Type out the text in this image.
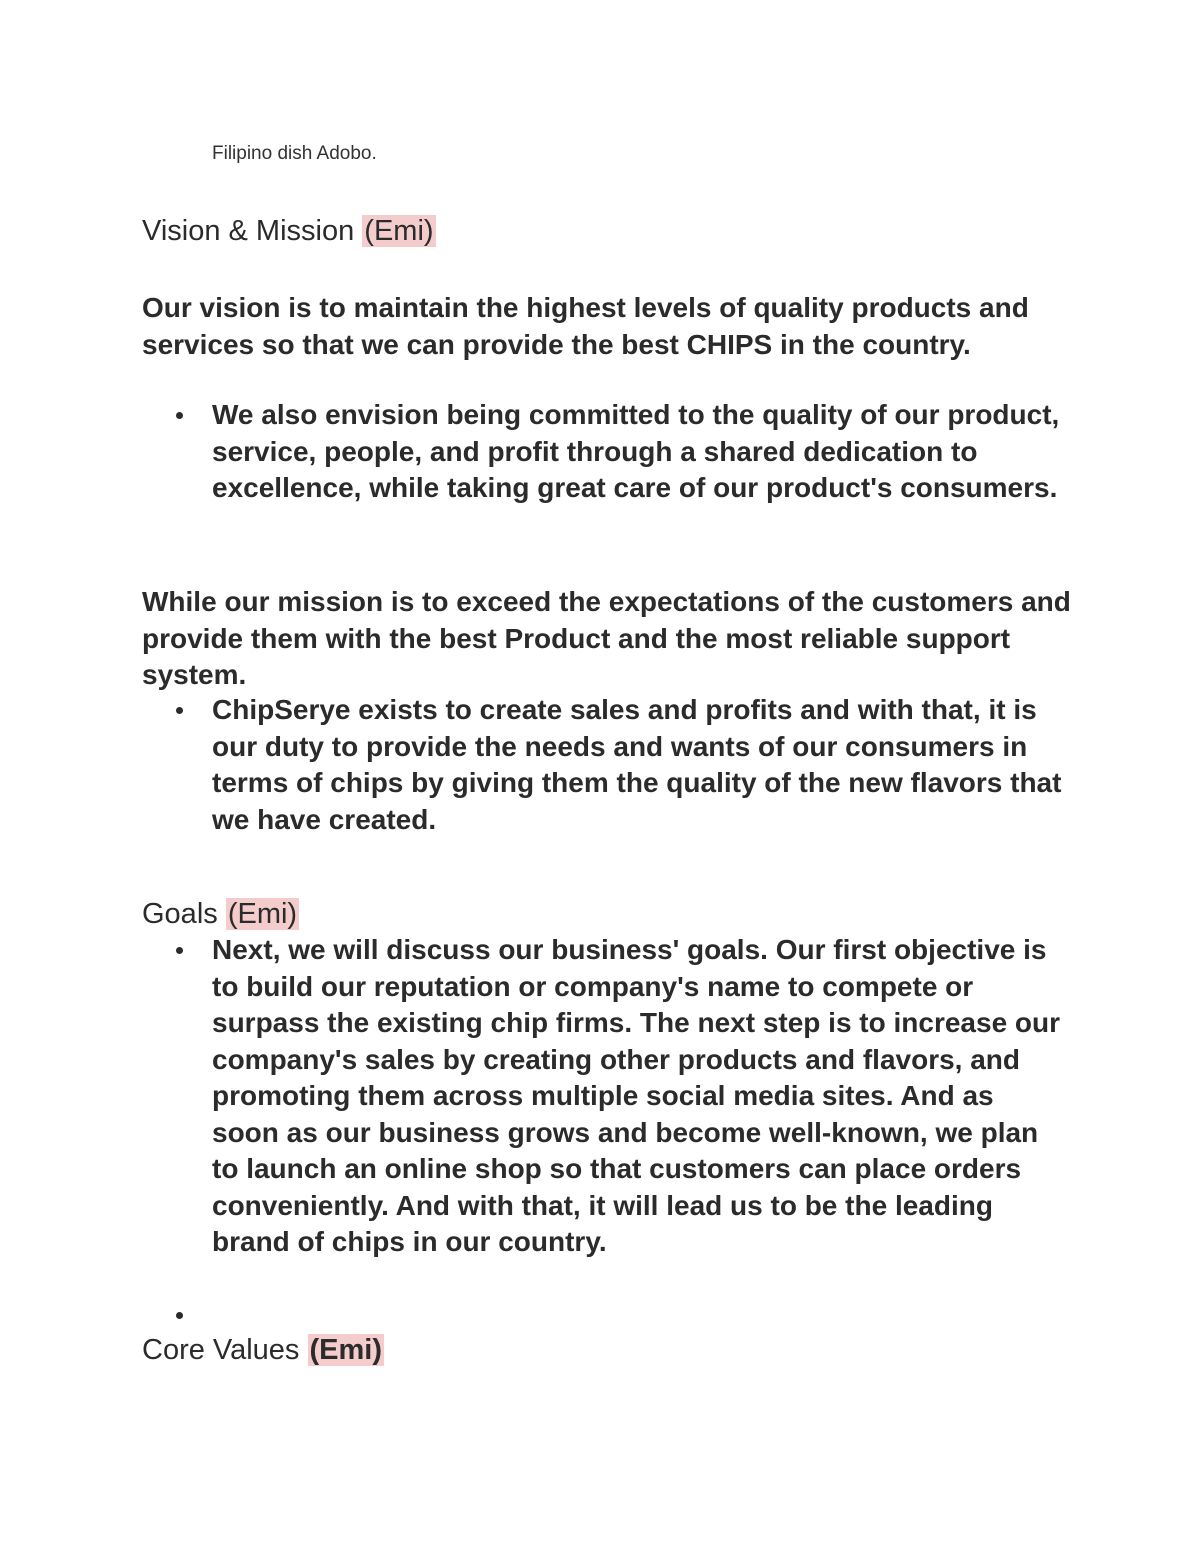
Filipino dish Adobo.
Vision & Mission (Emi)

Our vision is to maintain the highest levels of quality products and services so that we can provide the best CHIPS in the country.

We also envision being committed to the quality of our product, service, people, and profit through a shared dedication to excellence, while taking great care of our product's consumers.

While our mission is to exceed the expectations of the customers and provide them with the best Product and the most reliable support system.

ChipSerye exists to create sales and profits and with that, it is our duty to provide the needs and wants of our consumers in terms of chips by giving them the quality of the new flavors that we have created.
Goals (Emi)
Next, we will discuss our business' goals. Our first objective is to build our reputation or company's name to compete or surpass the existing chip firms. The next step is to increase our company's sales by creating other products and flavors, and promoting them across multiple social media sites. And as soon as our business grows and become well-known, we plan to launch an online shop so that customers can place orders conveniently. And with that, it will lead us to be the leading brand of chips in our country.
Core Values (Emi)
